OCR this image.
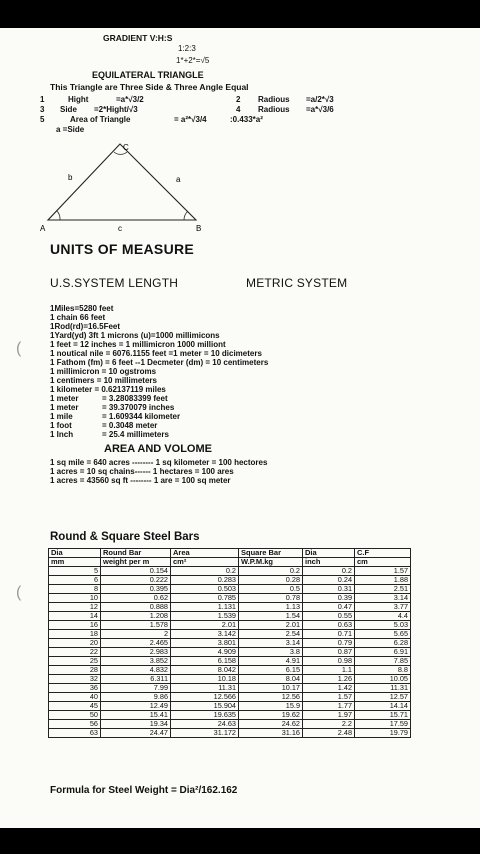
GRADIENT V:H:S
1:2:3
1*+2*=√5
EQUILATERAL TRIANGLE
This Triangle are Three Side & Three Angle Equal
1	Hight	=a*√3/2	2 Radious =a/2*√3
3 Side =2*Hight/√3	4 Radious =a*√3/6
5	Area of Triangle	= a²*√3/4	:0.433*a²
a =Side
A	B
C
b	a
c
UNITS OF MEASURE
U.S.SYSTEM LENGTH	METRIC SYSTEM
1Miles=5280 feet
1 chain 66 feet
1Rod(rd)=16.5Feet
1Yard(yd) 3ft 1 microns (u)=1000 millimicons
1 feet = 12 inches = 1 millimicron 1000 milliont
1 noutical nile = 6076.1155 feet =1 meter = 10 dicimeters
1 Fathom (fm) = 6 feet --1 Decmeter (dm) = 10 centimeters
1 millimicron = 10 ogstroms
1 centimers = 10 millimeters
1 kilometer = 0.62137119 miles
1 meter	= 3.28083399 feet
1 meter	= 39.370079 inches
1 mile	= 1.609344 kilometer
1 foot	= 0.3048 meter
1 Inch	= 25.4 millimeters
AREA AND VOLOME
1 sq mile = 640 acres -------- 1 sq kilometer = 100 hectores
1 acres = 10 sq chains------ 1 hectares = 100 ares
1 acres = 43560 sq ft -------- 1 are = 100 sq meter
Round & Square Steel Bars
Dia	Round Bar	Area	Square Bar	Dia	C.F
mm	weight per m	cm²	W.P.M.kg	inch	cm
5	0.154	0.2	0.2	0.2	1.57
6	0.222	0.283	0.28	0.24	1.88
8	0.395	0.503	0.5	0.31	2.51
10	0.62	0.785	0.78	0.39	3.14
12	0.888	1.131	1.13	0.47	3.77
14	1.208	1.539	1.54	0.55	4.4
16	1.578	2.01	2.01	0.63	5.03
18	2	3.142	2.54	0.71	5.65
20	2.465	3.801	3.14	0.79	6.28
22	2.983	4.909	3.8	0.87	6.91
25	3.852	6.158	4.91	0.98	7.85
28	4.832	8.042	6.15	1.1	8.8
32	6.311	10.18	8.04	1.26	10.05
36	7.99	11.31	10.17	1.42	11.31
40	9.86	12.566	12.56	1.57	12.57
45	12.49	15.904	15.9	1.77	14.14
50	15.41	19.635	19.62	1.97	15.71
56	19.34	24.63	24.62	2.2	17.59
63	24.47	31.172	31.16	2.48	19.79
Formula for Steel Weight = Dia²/162.162
(
(
